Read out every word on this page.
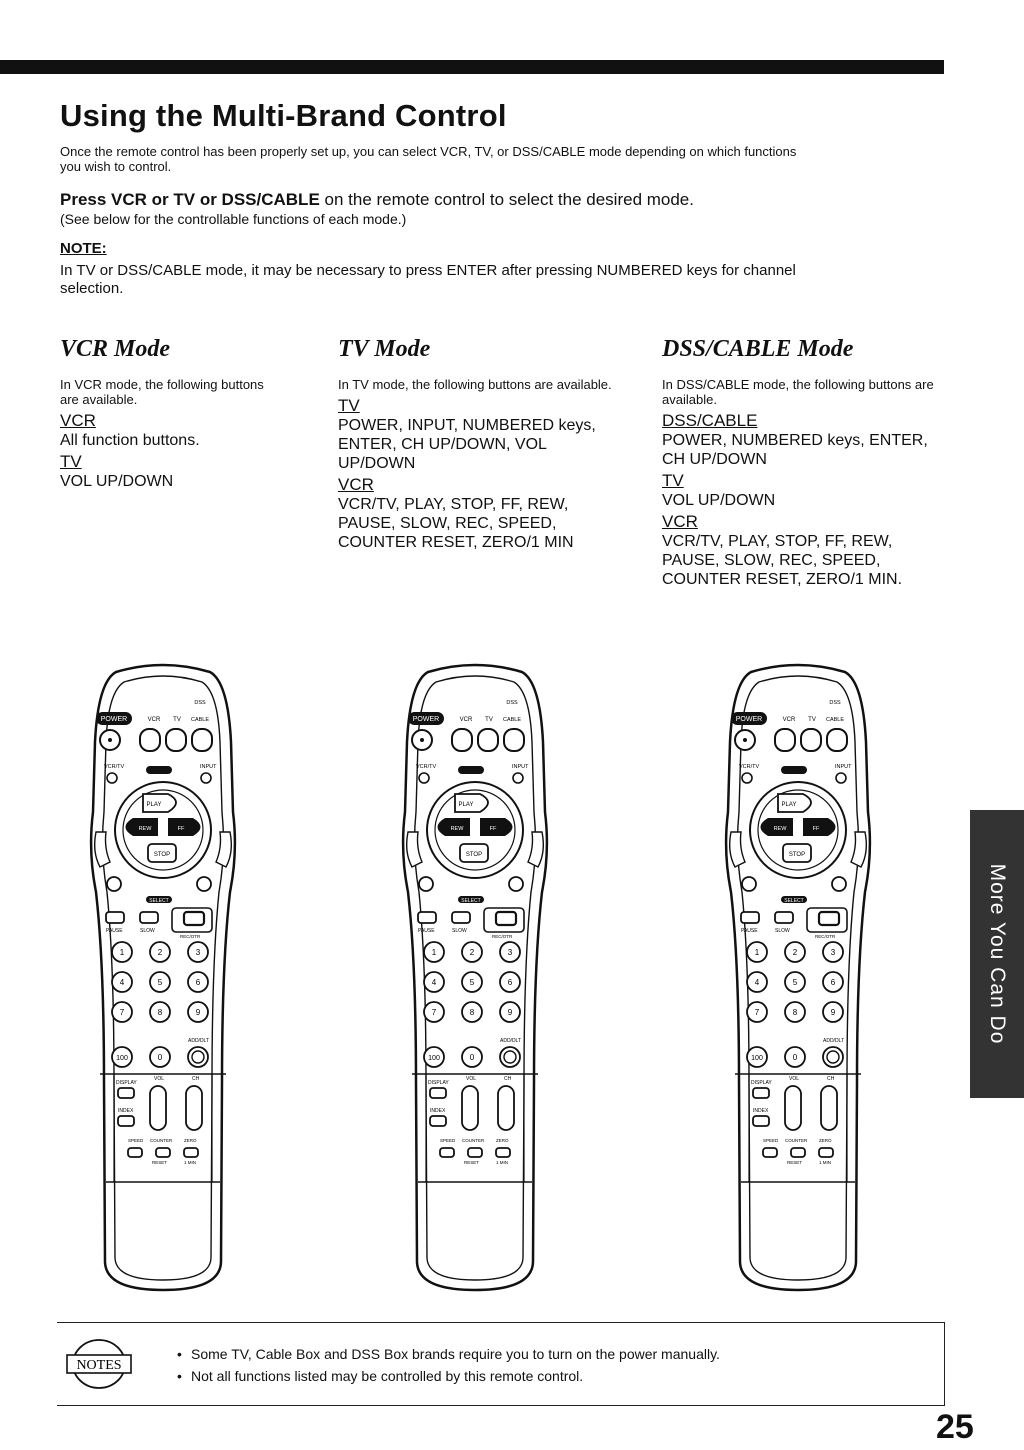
Using the Multi-Brand Control

Once the remote control has been properly set up, you can select VCR, TV, or DSS/CABLE mode depending on which functions you wish to control.

Press VCR or TV or DSS/CABLE on the remote control to select the desired mode.

(See below for the controllable functions of each mode.)

NOTE:

In TV or DSS/CABLE mode, it may be necessary to press ENTER after pressing NUMBERED keys for channel selection.

VCR Mode

In VCR mode, the following buttons are available.

VCR

All function buttons.

TV

VOL UP/DOWN

TV Mode

In TV mode, the following buttons are available.

TV

POWER, INPUT, NUMBERED keys, ENTER, CH UP/DOWN, VOL UP/DOWN

VCR

VCR/TV, PLAY, STOP, FF, REW, PAUSE, SLOW, REC, SPEED, COUNTER RESET, ZERO/1 MIN

DSS/CABLE Mode

In DSS/CABLE mode, the following buttons are available.

DSS/CABLE

POWER, NUMBERED keys, ENTER, CH UP/DOWN

TV

VOL UP/DOWN

VCR

VCR/TV, PLAY, STOP, FF, REW, PAUSE, SLOW, REC, SPEED, COUNTER RESET, ZERO/1 MIN.

DSS
POWER	VCR TV CABLE
VCR/TV	INPUT
PLAY
REW	FF
STOP
SELECT
PAUSE	SLOW
REC/OTR
1	2	3
4	5	6
7	8	9
ADD/DLT
100	0
DISPLAY
VOL	CH
INDEX
SPEED COUNTER	ZERO
RESET	1 MIN
DSS
POWER	VCR TV CABLE
VCR/TV	INPUT
PLAY
REW	FF
STOP
SELECT
PAUSE	SLOW
REC/OTR
1	2	3
4	5	6
7	8	9
ADD/DLT
100	0
DISPLAY
VOL	CH
INDEX
SPEED COUNTER	ZERO
RESET	1 MIN
DSS
POWER	VCR TV CABLE
VCR/TV	INPUT
PLAY
REW	FF
STOP
SELECT
PAUSE	SLOW
REC/OTR
1	2	3
4	5	6
7	8	9
ADD/DLT
100	0
DISPLAY
VOL	CH
INDEX
SPEED COUNTER	ZERO
RESET	1 MIN
More You Can Do
NOTES
• Some TV, Cable Box and DSS Box brands require you to turn on the power manually.
• Not all functions listed may be controlled by this remote control.

25
